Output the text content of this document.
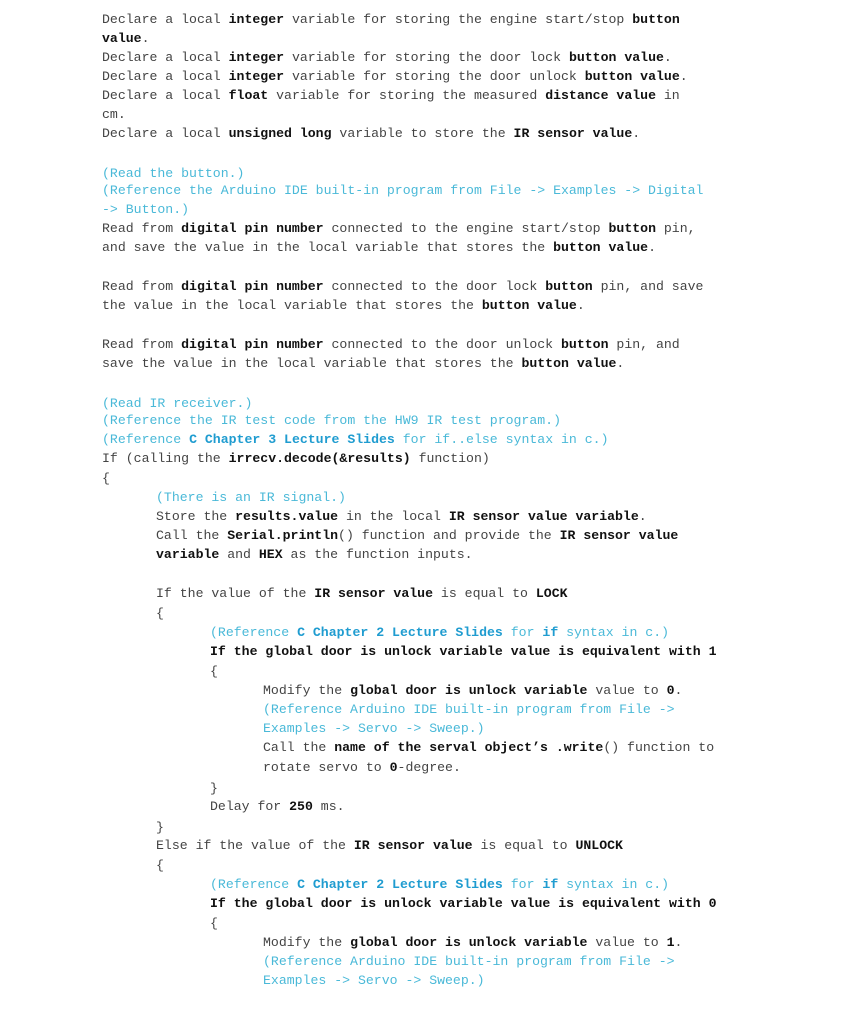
Declare a local integer variable for storing the engine start/stop button
value.
Declare a local integer variable for storing the door lock button value.
Declare a local integer variable for storing the door unlock button value.
Declare a local float variable for storing the measured distance value in
cm.
Declare a local unsigned long variable to store the IR sensor value.
(Read the button.)
(Reference the Arduino IDE built-in program from File -> Examples -> Digital
-> Button.)
Read from digital pin number connected to the engine start/stop button pin,
and save the value in the local variable that stores the button value.
Read from digital pin number connected to the door lock button pin, and save
the value in the local variable that stores the button value.
Read from digital pin number connected to the door unlock button pin, and
save the value in the local variable that stores the button value.
(Read IR receiver.)
(Reference the IR test code from the HW9 IR test program.)
(Reference C Chapter 3 Lecture Slides for if..else syntax in c.)
If (calling the irrecv.decode(&results) function)
{
(There is an IR signal.)
Store the results.value in the local IR sensor value variable.
Call the Serial.println() function and provide the IR sensor value
variable and HEX as the function inputs.
If the value of the IR sensor value is equal to LOCK
{
(Reference C Chapter 2 Lecture Slides for if syntax in c.)
If the global door is unlock variable value is equivalent with 1
{
Modify the global door is unlock variable value to 0.
(Reference Arduino IDE built-in program from File ->
Examples -> Servo -> Sweep.)
Call the name of the serval object’s .write() function to
rotate servo to 0-degree.
}
Delay for 250 ms.
}
Else if the value of the IR sensor value is equal to UNLOCK
{
(Reference C Chapter 2 Lecture Slides for if syntax in c.)
If the global door is unlock variable value is equivalent with 0
{
Modify the global door is unlock variable value to 1.
(Reference Arduino IDE built-in program from File ->
Examples -> Servo -> Sweep.)
